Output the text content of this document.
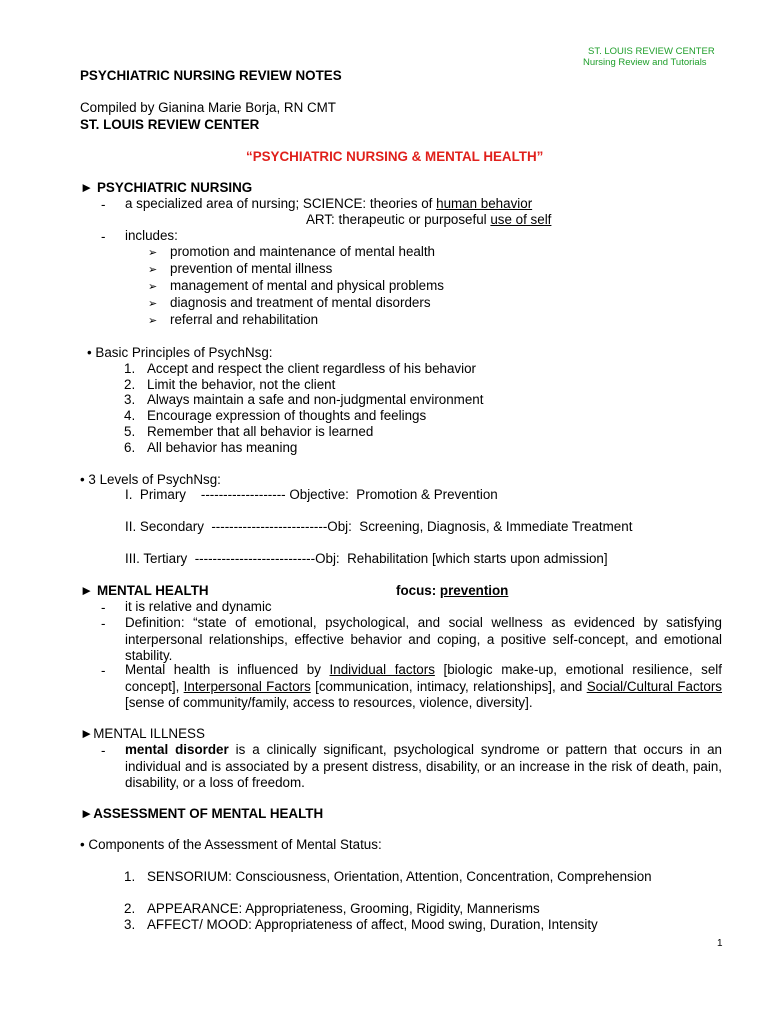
ST. LOUIS REVIEW CENTER
Nursing Review and Tutorials
PSYCHIATRIC NURSING REVIEW NOTES
Compiled by Gianina Marie Borja, RN CMT
ST. LOUIS REVIEW CENTER
“PSYCHIATRIC NURSING & MENTAL HEALTH”
► PSYCHIATRIC NURSING
- a specialized area of nursing; SCIENCE: theories of human behavior
ART: therapeutic or purposeful use of self
- includes:
➢ promotion and maintenance of mental health
➢ prevention of mental illness
➢ management of mental and physical problems
➢ diagnosis and treatment of mental disorders
➢ referral and rehabilitation
• Basic Principles of PsychNsg:
1. Accept and respect the client regardless of his behavior
2. Limit the behavior, not the client
3. Always maintain a safe and non-judgmental environment
4. Encourage expression of thoughts and feelings
5. Remember that all behavior is learned
6. All behavior has meaning
• 3 Levels of PsychNsg:
I.  Primary    ------------------- Objective:  Promotion & Prevention
II. Secondary  --------------------------Obj:  Screening, Diagnosis, & Immediate Treatment
III. Tertiary  ---------------------------Obj:  Rehabilitation [which starts upon admission]
► MENTAL HEALTH	focus: prevention
- it is relative and dynamic
- Definition: “state of emotional, psychological, and social wellness as evidenced by satisfying interpersonal relationships, effective behavior and coping, a positive self-concept, and emotional stability.
- Mental health is influenced by Individual factors [biologic make-up, emotional resilience, self concept], Interpersonal Factors [communication, intimacy, relationships], and Social/Cultural Factors [sense of community/family, access to resources, violence, diversity].
►MENTAL ILLNESS
- mental disorder is a clinically significant, psychological syndrome or pattern that occurs in an individual and is associated by a present distress, disability, or an increase in the risk of death, pain, disability, or a loss of freedom.
►ASSESSMENT OF MENTAL HEALTH
• Components of the Assessment of Mental Status:
1. SENSORIUM: Consciousness, Orientation, Attention, Concentration, Comprehension
2. APPEARANCE: Appropriateness, Grooming, Rigidity, Mannerisms
3. AFFECT/ MOOD: Appropriateness of affect, Mood swing, Duration, Intensity
1
